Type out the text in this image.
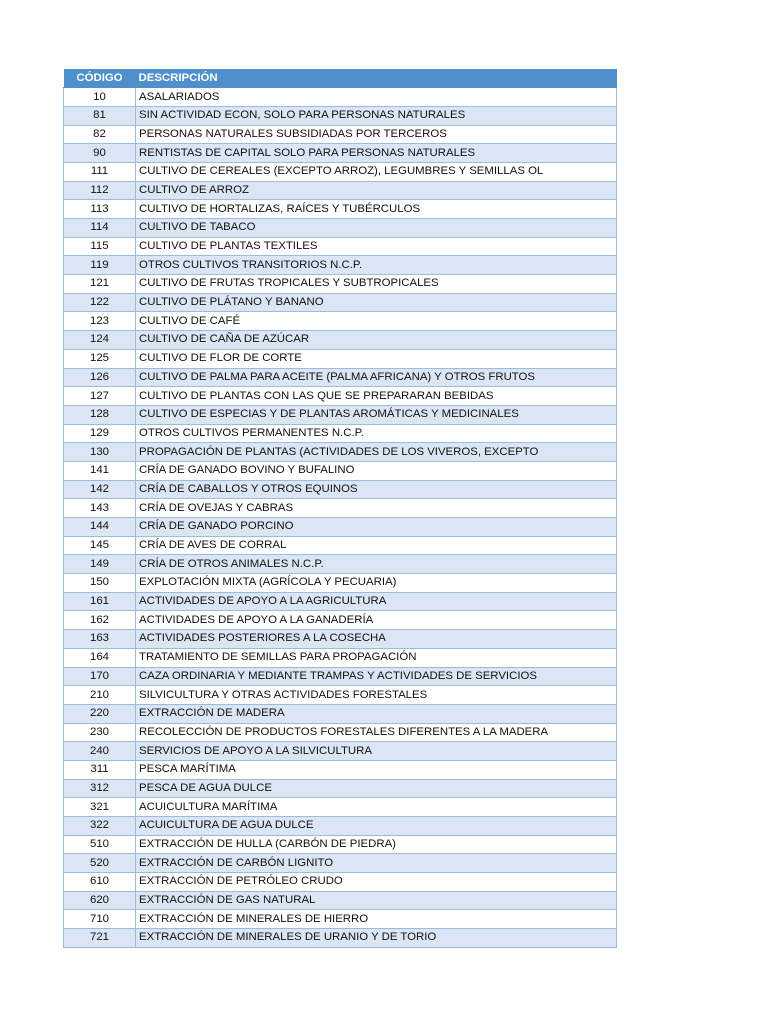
CÓDIGO	DESCRIPCIÓN
10	ASALARIADOS
81	SIN ACTIVIDAD ECON, SOLO PARA PERSONAS NATURALES
82	PERSONAS NATURALES SUBSIDIADAS POR TERCEROS
90	RENTISTAS DE CAPITAL SOLO PARA PERSONAS NATURALES
111	CULTIVO DE CEREALES (EXCEPTO ARROZ), LEGUMBRES Y SEMILLAS OL
112	CULTIVO DE ARROZ
113	CULTIVO DE HORTALIZAS, RAÍCES Y TUBÉRCULOS
114	CULTIVO DE TABACO
115	CULTIVO DE PLANTAS TEXTILES
119	OTROS CULTIVOS TRANSITORIOS N.C.P.
121	CULTIVO DE FRUTAS TROPICALES Y SUBTROPICALES
122	CULTIVO DE PLÁTANO Y BANANO
123	CULTIVO DE CAFÉ
124	CULTIVO DE CAÑA DE AZÚCAR
125	CULTIVO DE FLOR DE CORTE
126	CULTIVO DE PALMA PARA ACEITE (PALMA AFRICANA) Y OTROS FRUTOS
127	CULTIVO DE PLANTAS CON LAS QUE SE PREPARARAN BEBIDAS
128	CULTIVO DE ESPECIAS Y DE PLANTAS AROMÁTICAS Y MEDICINALES
129	OTROS CULTIVOS PERMANENTES N.C.P.
130	PROPAGACIÓN DE PLANTAS (ACTIVIDADES DE LOS VIVEROS, EXCEPTO
141	CRÍA DE GANADO BOVINO Y BUFALINO
142	CRÍA DE CABALLOS Y OTROS EQUINOS
143	CRÍA DE OVEJAS Y CABRAS
144	CRÍA DE GANADO PORCINO
145	CRÍA DE AVES DE CORRAL
149	CRÍA DE OTROS ANIMALES N.C.P.
150	EXPLOTACIÓN MIXTA (AGRÍCOLA Y PECUARIA)
161	ACTIVIDADES DE APOYO A LA AGRICULTURA
162	ACTIVIDADES DE APOYO A LA GANADERÍA
163	ACTIVIDADES POSTERIORES A LA COSECHA
164	TRATAMIENTO DE SEMILLAS PARA PROPAGACIÓN
170	CAZA ORDINARIA Y MEDIANTE TRAMPAS Y ACTIVIDADES DE SERVICIOS
210	SILVICULTURA Y OTRAS ACTIVIDADES FORESTALES
220	EXTRACCIÓN DE MADERA
230	RECOLECCIÓN DE PRODUCTOS FORESTALES DIFERENTES A LA MADERA
240	SERVICIOS DE APOYO A LA SILVICULTURA
311	PESCA MARÍTIMA
312	PESCA DE AGUA DULCE
321	ACUICULTURA MARÍTIMA
322	ACUICULTURA DE AGUA DULCE
510	EXTRACCIÓN DE HULLA (CARBÓN DE PIEDRA)
520	EXTRACCIÓN DE CARBÓN LIGNITO
610	EXTRACCIÓN DE PETRÓLEO CRUDO
620	EXTRACCIÓN DE GAS NATURAL
710	EXTRACCIÓN DE MINERALES DE HIERRO
721	EXTRACCIÓN DE MINERALES DE URANIO Y DE TORIO
